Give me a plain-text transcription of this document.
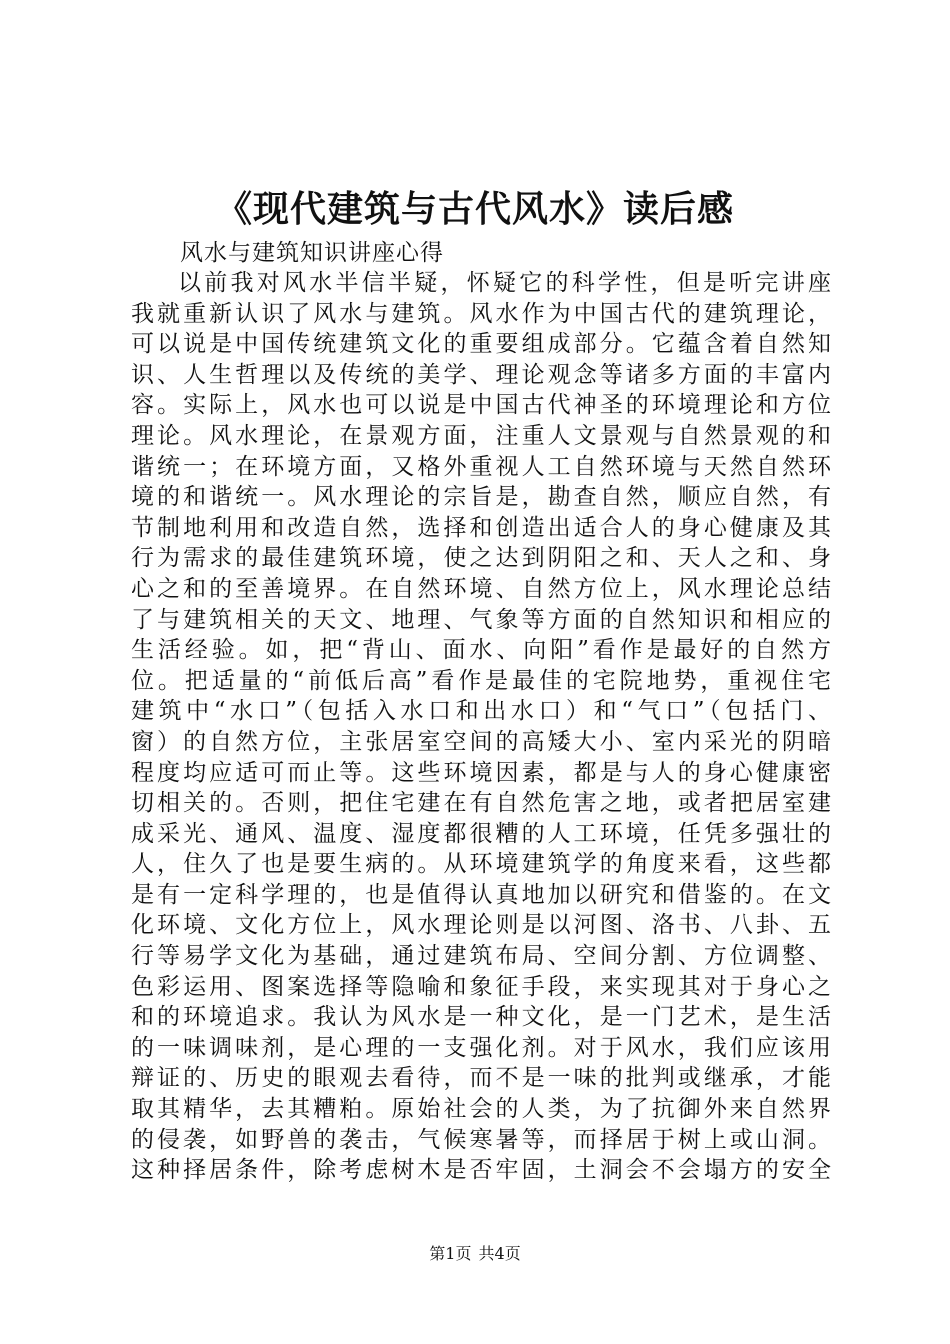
《现代建筑与古代风水》读后感
风水与建筑知识讲座心得
以前我对风水半信半疑，怀疑它的科学性，但是听完讲座
我就重新认识了风水与建筑。风水作为中国古代的建筑理论，
可以说是中国传统建筑文化的重要组成部分。它蕴含着自然知
识、人生哲理以及传统的美学、理论观念等诸多方面的丰富内
容。实际上，风水也可以说是中国古代神圣的环境理论和方位
理论。风水理论，在景观方面，注重人文景观与自然景观的和
谐统一；在环境方面，又格外重视人工自然环境与天然自然环
境的和谐统一。风水理论的宗旨是，勘查自然，顺应自然，有
节制地利用和改造自然，选择和创造出适合人的身心健康及其
行为需求的最佳建筑环境，使之达到阴阳之和、天人之和、身
心之和的至善境界。在自然环境、自然方位上，风水理论总结
了与建筑相关的天文、地理、气象等方面的自然知识和相应的
生活经验。如，把“背山、面水、向阳”看作是最好的自然方
位。把适量的“前低后高”看作是最佳的宅院地势，重视住宅
建筑中“水口”（包括入水口和出水口）和“气口”（包括门、
窗）的自然方位，主张居室空间的高矮大小、室内采光的阴暗
程度均应适可而止等。这些环境因素，都是与人的身心健康密
切相关的。否则，把住宅建在有自然危害之地，或者把居室建
成采光、通风、温度、湿度都很糟的人工环境，任凭多强壮的
人，住久了也是要生病的。从环境建筑学的角度来看，这些都
是有一定科学理的，也是值得认真地加以研究和借鉴的。在文
化环境、文化方位上，风水理论则是以河图、洛书、八卦、五
行等易学文化为基础，通过建筑布局、空间分割、方位调整、
色彩运用、图案选择等隐喻和象征手段，来实现其对于身心之
和的环境追求。我认为风水是一种文化，是一门艺术，是生活
的一味调味剂，是心理的一支强化剂。对于风水，我们应该用
辩证的、历史的眼观去看待，而不是一味的批判或继承，才能
取其精华，去其糟粕。原始社会的人类，为了抗御外来自然界
的侵袭，如野兽的袭击，气候寒暑等，而择居于树上或山洞。
这种择居条件，除考虑树木是否牢固，土洞会不会塌方的安全
第1页 共4页
